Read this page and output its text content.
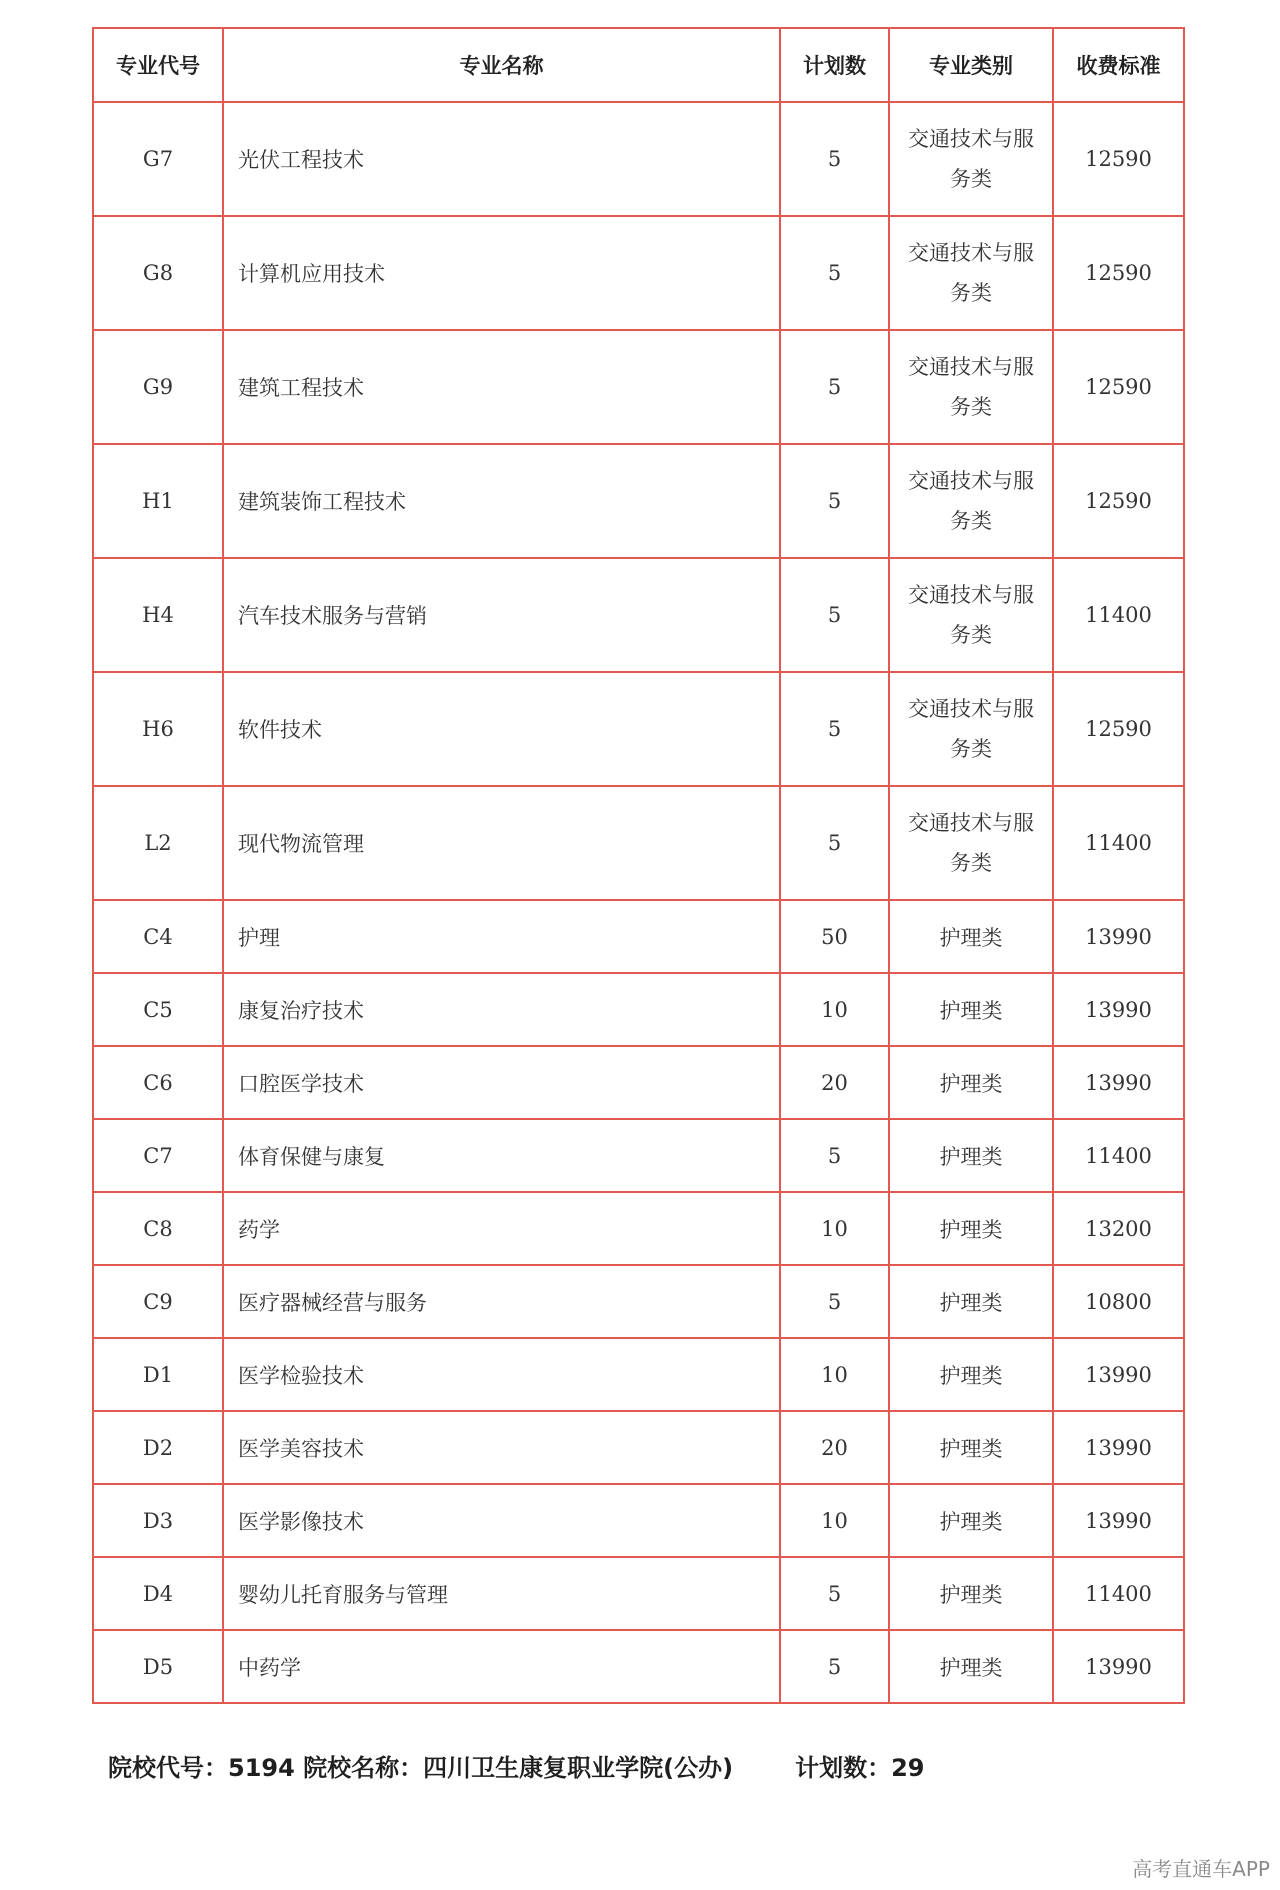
专业代号	专业名称	计划数	专业类别	收费标准
G7	光伏工程技术	5	交通技术与服务类	12590
G8	计算机应用技术	5	交通技术与服务类	12590
G9	建筑工程技术	5	交通技术与服务类	12590
H1	建筑装饰工程技术	5	交通技术与服务类	12590
H4	汽车技术服务与营销	5	交通技术与服务类	11400
H6	软件技术	5	交通技术与服务类	12590
L2	现代物流管理	5	交通技术与服务类	11400
C4	护理	50	护理类	13990
C5	康复治疗技术	10	护理类	13990
C6	口腔医学技术	20	护理类	13990
C7	体育保健与康复	5	护理类	11400
C8	药学	10	护理类	13200
C9	医疗器械经营与服务	5	护理类	10800
D1	医学检验技术	10	护理类	13990
D2	医学美容技术	20	护理类	13990
D3	医学影像技术	10	护理类	13990
D4	婴幼儿托育服务与管理	5	护理类	11400
D5	中药学	5	护理类	13990
院校代号：5194 院校名称：四川卫生康复职业学院(公办)	计划数：29
高考直通车APP
